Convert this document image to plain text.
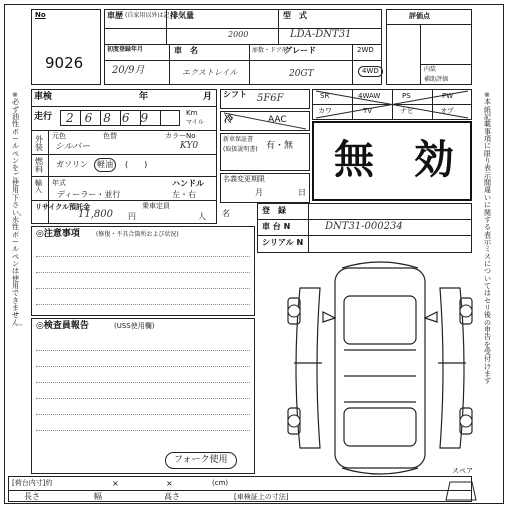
No
9026
車歴 (自家用以外は記入)
排気量
2000
型　式
LDA-DNT31
初度登録年月
20/9月
車　名
エクストレイル
扉数・ドア形
グレード
20GT
2WD
4WD
評価点
内装
補助評価
※必ず油性ボールペンをご使用下さい。水性ボールペンは使用できません。
車検	年	月
走行 26869	Km
マイル
外装
元色	色替
シルバー
カラーNo
KY0
燃料
ガソリン	軽油	(　　)
輸入
年式
ディーラー・並行
ハンドル
左・右
リサイクル預託金
11,800 円
乗車定員
人
◎注意事項	(修復・不具合箇所および状況)
◎検査員報告	(USS使用欄)
フォーク使用
シフト 5F6F
冷	AAC
SR	4WAW	PS	PW
カワ	TV	ナビ	オプ
新車保証書
(取扱説明書) 有・無
名義変更期限
月	日
無　効
登　録
名
車 台 N	DNT31-000234
シリアル N
※本紙記載事項に限り表示間違いに関する表示ミスについてはセリ後の申告を受付けます
[荷台内寸]約	×	×	(cm)
長さ	幅	高さ	[車検証上の寸法]
スペア
